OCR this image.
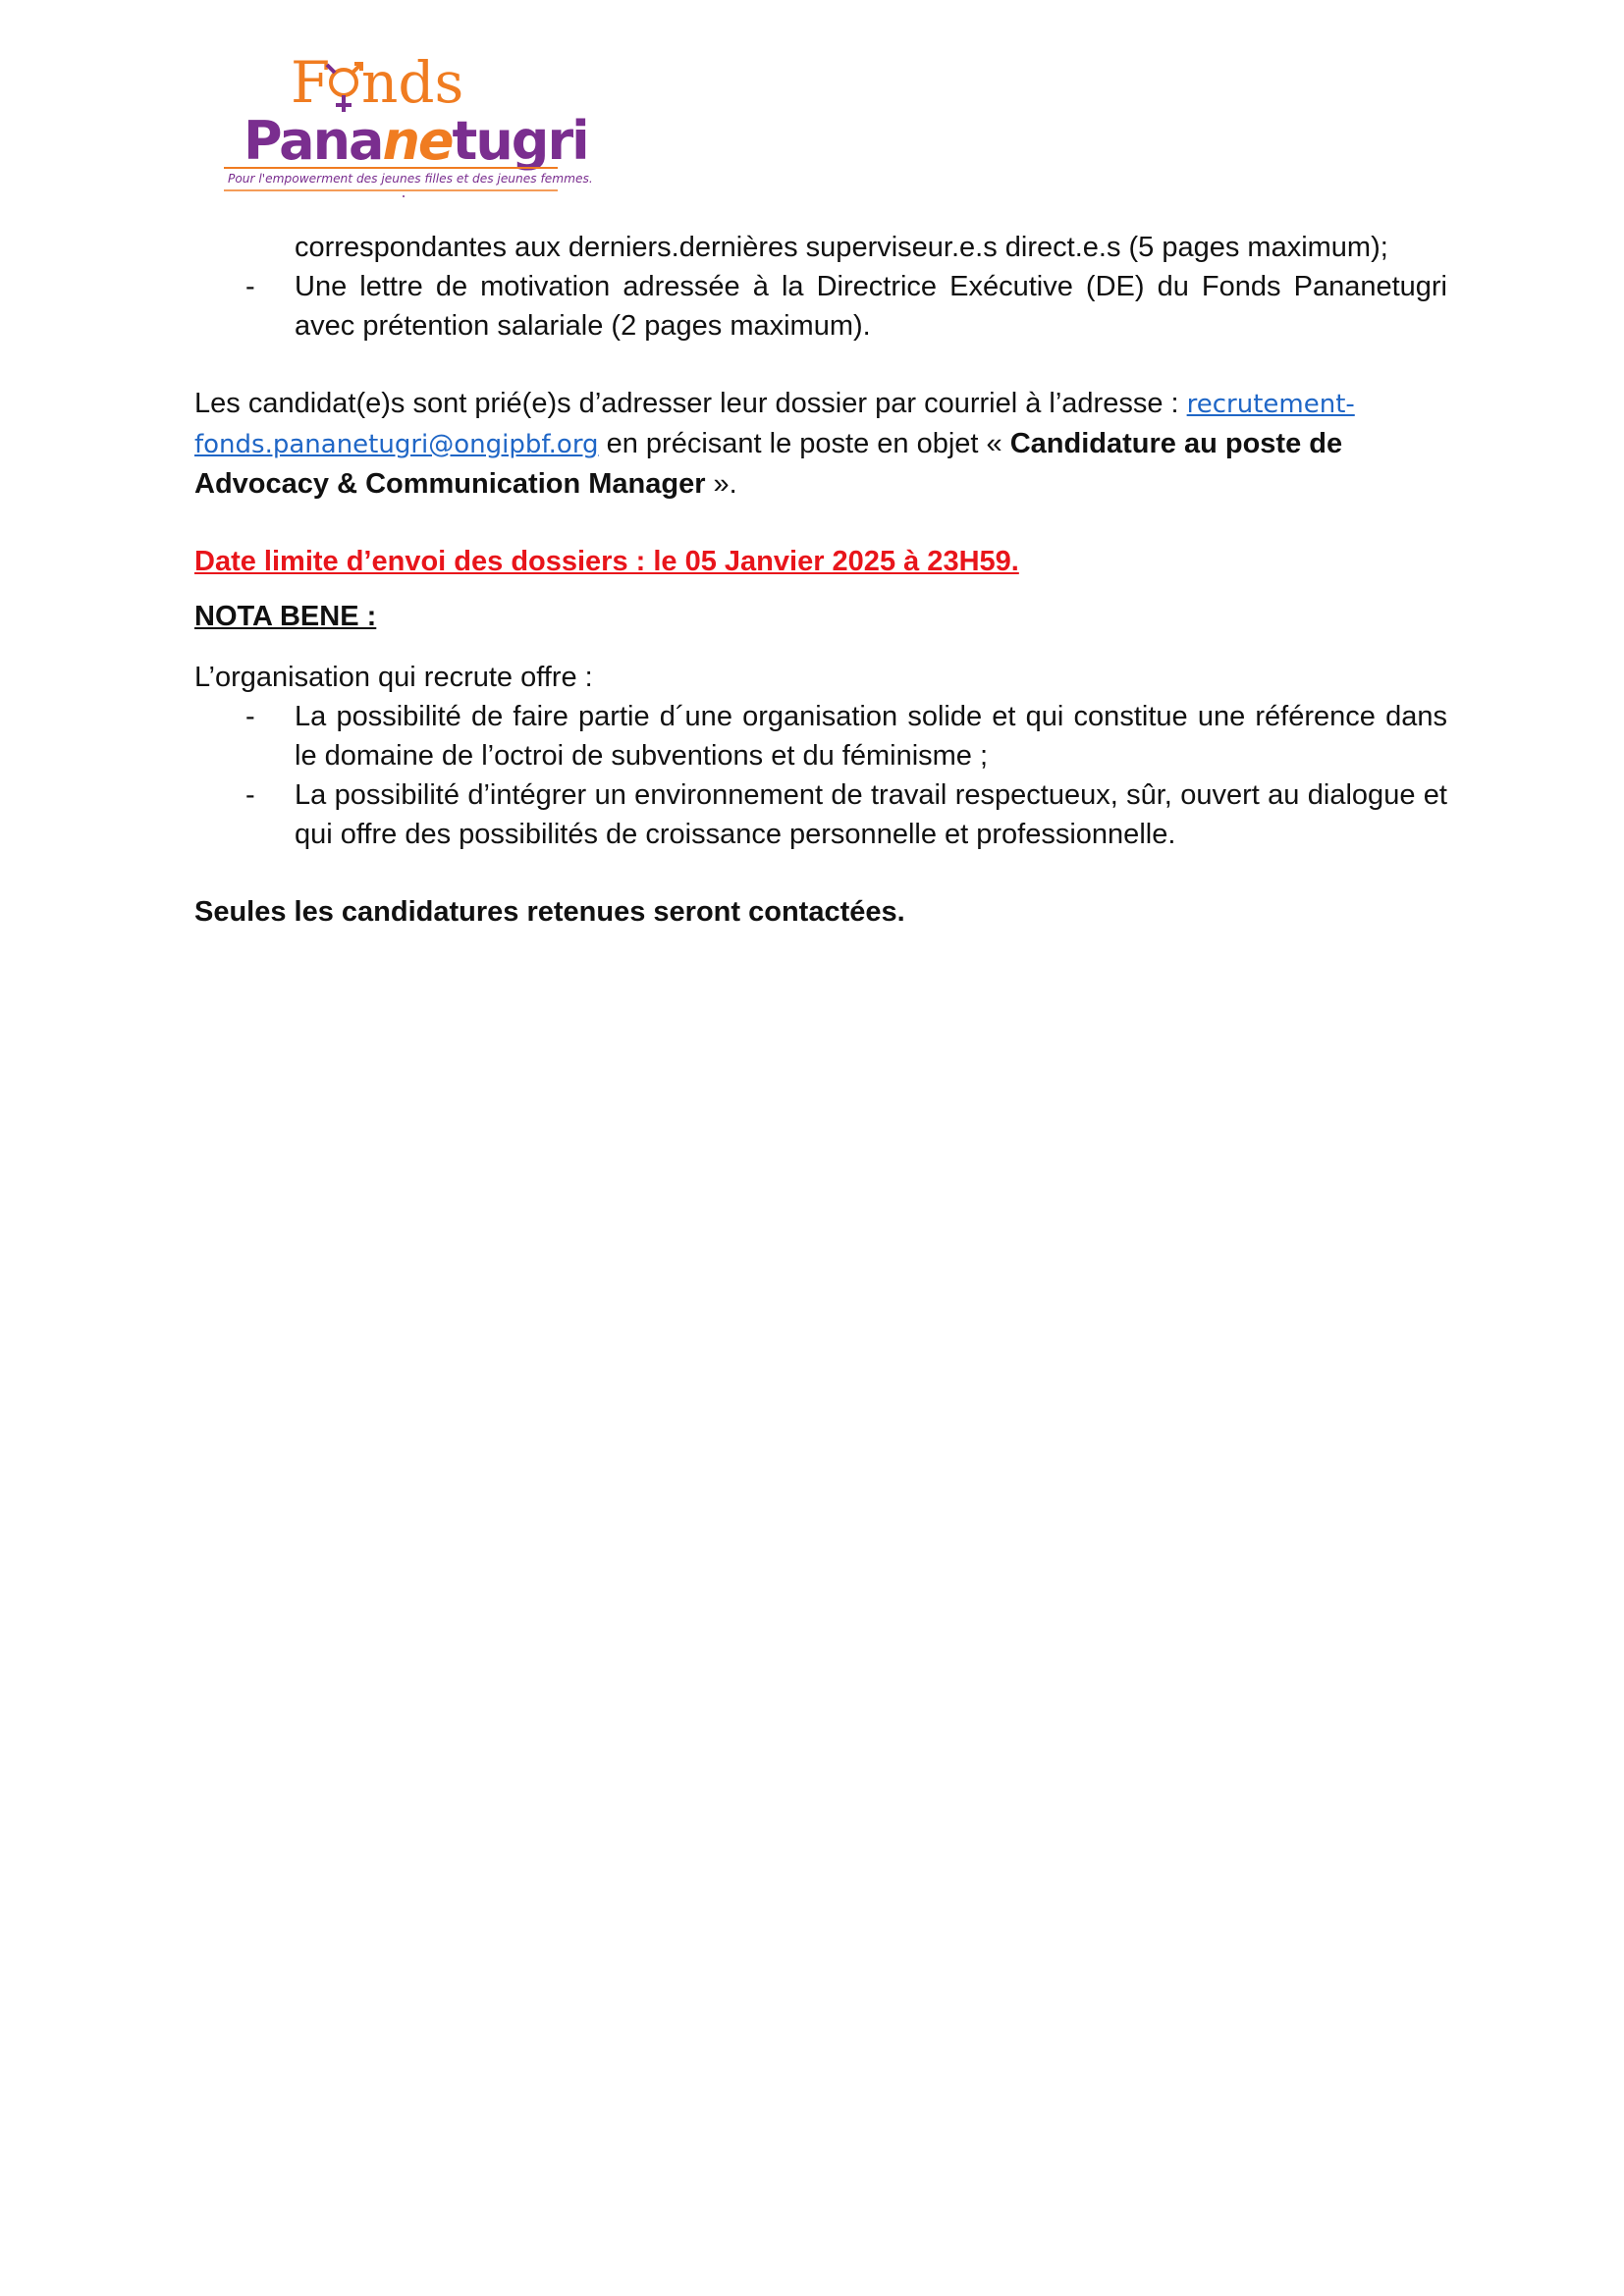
F nds
Pananetugri
Pour l'empowerment des jeunes filles et des jeunes femmes.

correspondantes aux derniers.dernières superviseur.e.s direct.e.s (5 pages maximum);

- Une lettre de motivation adressée à la Directrice Exécutive (DE) du Fonds Pananetugri avec prétention salariale (2 pages maximum).

Les candidat(e)s sont prié(e)s d’adresser leur dossier par courriel à l’adresse : recrutement-fonds.pananetugri@ongipbf.org en précisant le poste en objet « Candidature au poste de Advocacy & Communication Manager ».

Date limite d’envoi des dossiers : le 05 Janvier 2025 à 23H59.

NOTA BENE :

L’organisation qui recrute offre :

- La possibilité de faire partie d´une organisation solide et qui constitue une référence dans le domaine de l’octroi de subventions et du féminisme ;
- La possibilité d’intégrer un environnement de travail respectueux, sûr, ouvert au dialogue et qui offre des possibilités de croissance personnelle et professionnelle.

Seules les candidatures retenues seront contactées.
